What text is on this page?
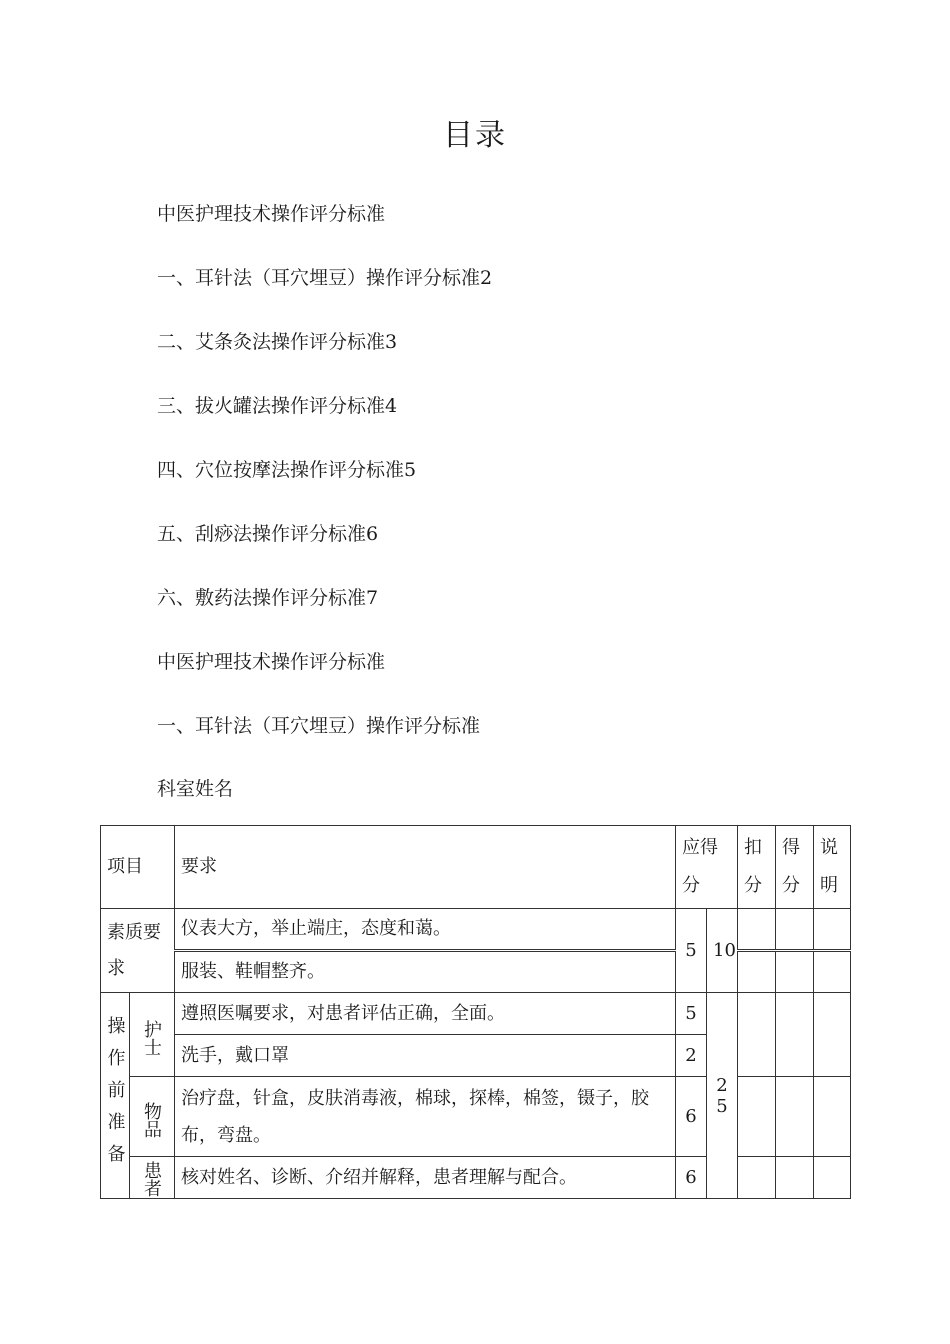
目录
中医护理技术操作评分标准
一、耳针法（耳穴埋豆）操作评分标准2
二、艾条灸法操作评分标准3
三、拔火罐法操作评分标准4
四、穴位按摩法操作评分标准5
五、刮痧法操作评分标准6
六、敷药法操作评分标准7
中医护理技术操作评分标准
一、耳针法（耳穴埋豆）操作评分标准
科室姓名
项目		要求	应得分		扣分	得分	说明
素质要求		仪表大方，举止端庄，态度和蔼。	5	10			
		服装、鞋帽整齐。					
操作前准备	护士	遵照医嘱要求，对患者评估正确，全面。	5	25			
		洗手，戴口罩	2				
	物品	治疗盘，针盒，皮肤消毒液，棉球，探棒，棉签，镊子，胶布，弯盘。	6				
	患者	核对姓名、诊断、介绍并解释，患者理解与配合。	6				
